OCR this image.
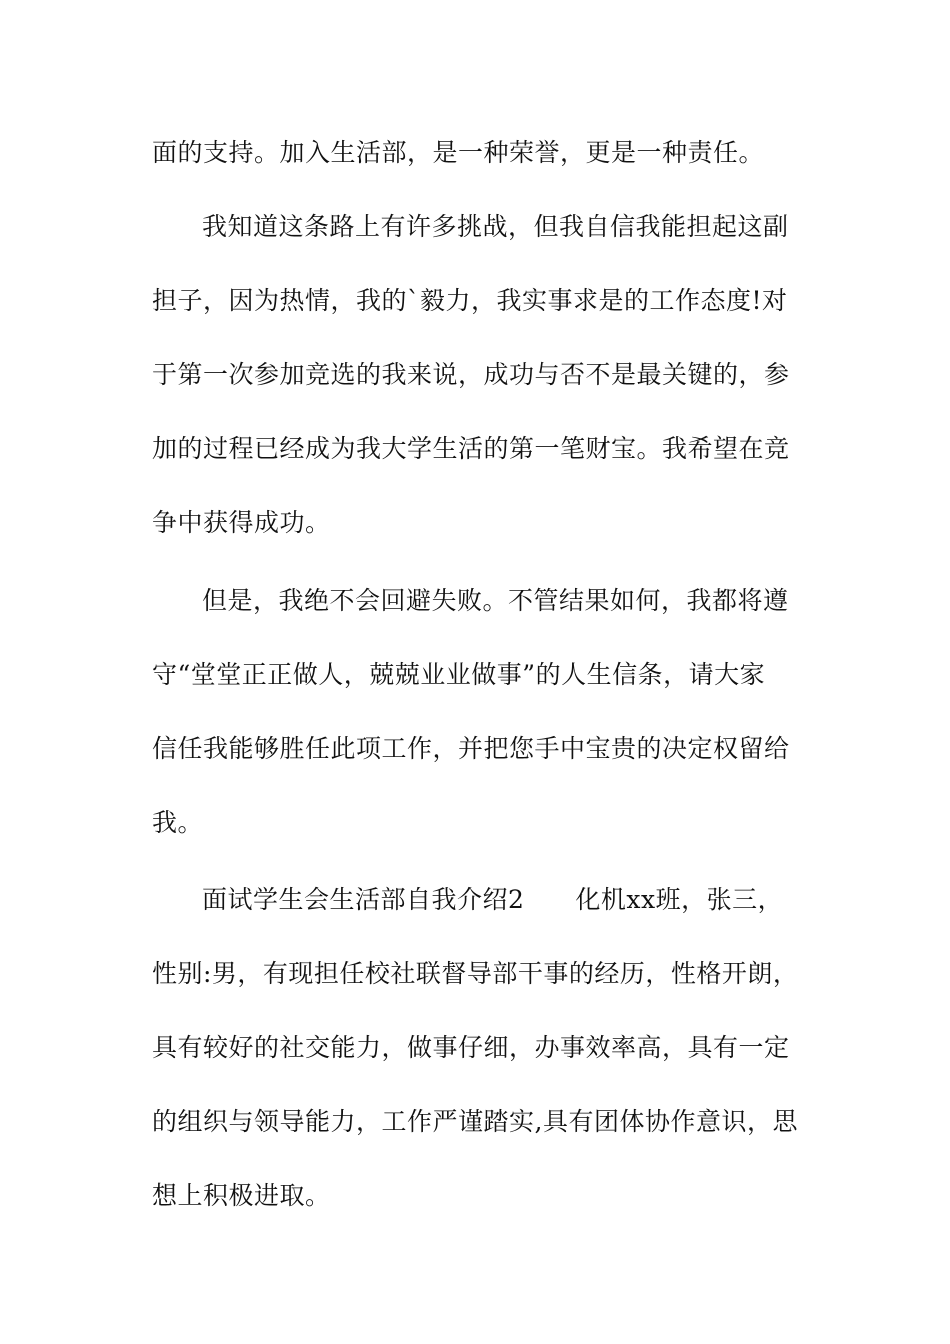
面的支持。加入生活部，是一种荣誉，更是一种责任。
我知道这条路上有许多挑战，但我自信我能担起这副
担子，因为热情，我的`毅力，我实事求是的工作态度!对
于第一次参加竞选的我来说，成功与否不是最关键的，参
加的过程已经成为我大学生活的第一笔财宝。我希望在竞
争中获得成功。
但是，我绝不会回避失败。不管结果如何，我都将遵
守“堂堂正正做人，兢兢业业做事”的人生信条，请大家
信任我能够胜任此项工作，并把您手中宝贵的决定权留给
我。
面试学生会生活部自我介绍2　　化机xx班，张三，
性别:男，有现担任校社联督导部干事的经历，性格开朗，
具有较好的社交能力，做事仔细，办事效率高，具有一定
的组织与领导能力，工作严谨踏实,具有团体协作意识，思
想上积极进取。
